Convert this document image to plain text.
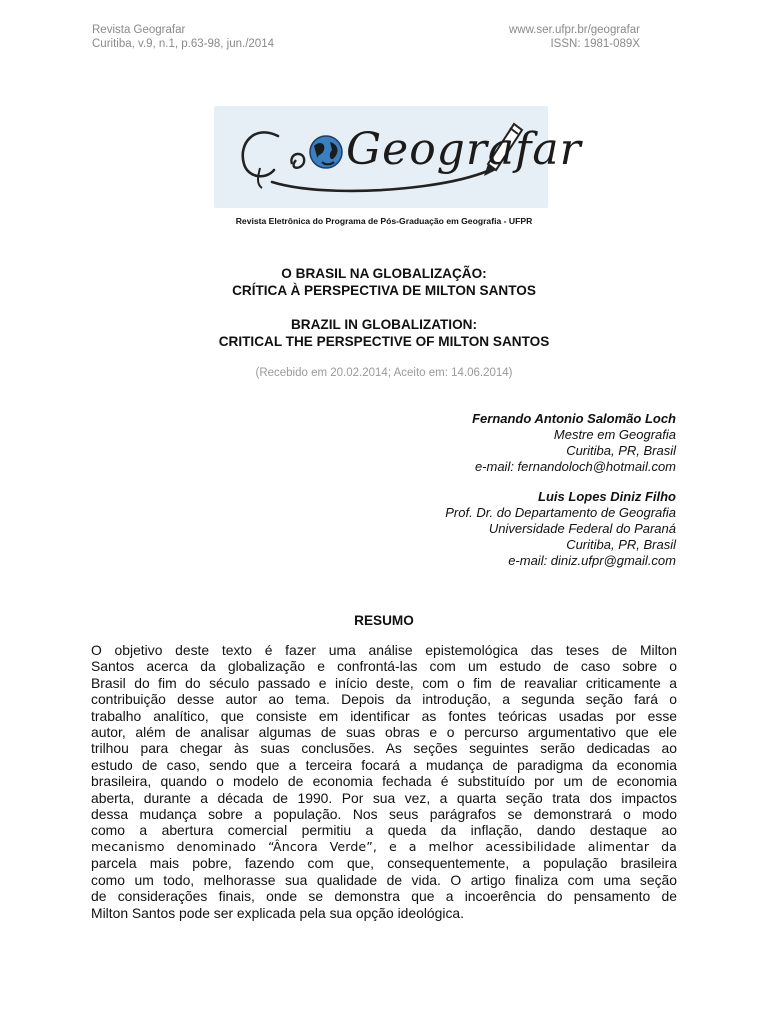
Revista Geografar	www.ser.ufpr.br/geografar
Curitiba, v.9, n.1, p.63-98, jun./2014	ISSN: 1981-089X
Geografar
Revista Eletrônica do Programa de Pós-Graduação em Geografia - UFPR
O BRASIL NA GLOBALIZAÇÃO:
CRÍTICA À PERSPECTIVA DE MILTON SANTOS
BRAZIL IN GLOBALIZATION:
CRITICAL THE PERSPECTIVE OF MILTON SANTOS
(Recebido em 20.02.2014; Aceito em: 14.06.2014)
Fernando Antonio Salomão Loch
Mestre em Geografia
Curitiba, PR, Brasil
e-mail: fernandoloch@hotmail.com
Luis Lopes Diniz Filho
Prof. Dr. do Departamento de Geografia
Universidade Federal do Paraná
Curitiba, PR, Brasil
e-mail: diniz.ufpr@gmail.com
RESUMO
O objetivo deste texto é fazer uma análise epistemológica das teses de Milton
Santos acerca da globalização e confrontá-las com um estudo de caso sobre o
Brasil do fim do século passado e início deste, com o fim de reavaliar criticamente a
contribuição desse autor ao tema. Depois da introdução, a segunda seção fará o
trabalho analítico, que consiste em identificar as fontes teóricas usadas por esse
autor, além de analisar algumas de suas obras e o percurso argumentativo que ele
trilhou para chegar às suas conclusões. As seções seguintes serão dedicadas ao
estudo de caso, sendo que a terceira focará a mudança de paradigma da economia
brasileira, quando o modelo de economia fechada é substituído por um de economia
aberta, durante a década de 1990. Por sua vez, a quarta seção trata dos impactos
dessa mudança sobre a população. Nos seus parágrafos se demonstrará o modo
como a abertura comercial permitiu a queda da inflação, dando destaque ao
mecanismo denominado “Âncora Verde”, e a melhor acessibilidade alimentar da
parcela mais pobre, fazendo com que, consequentemente, a população brasileira
como um todo, melhorasse sua qualidade de vida. O artigo finaliza com uma seção
de considerações finais, onde se demonstra que a incoerência do pensamento de
Milton Santos pode ser explicada pela sua opção ideológica.
